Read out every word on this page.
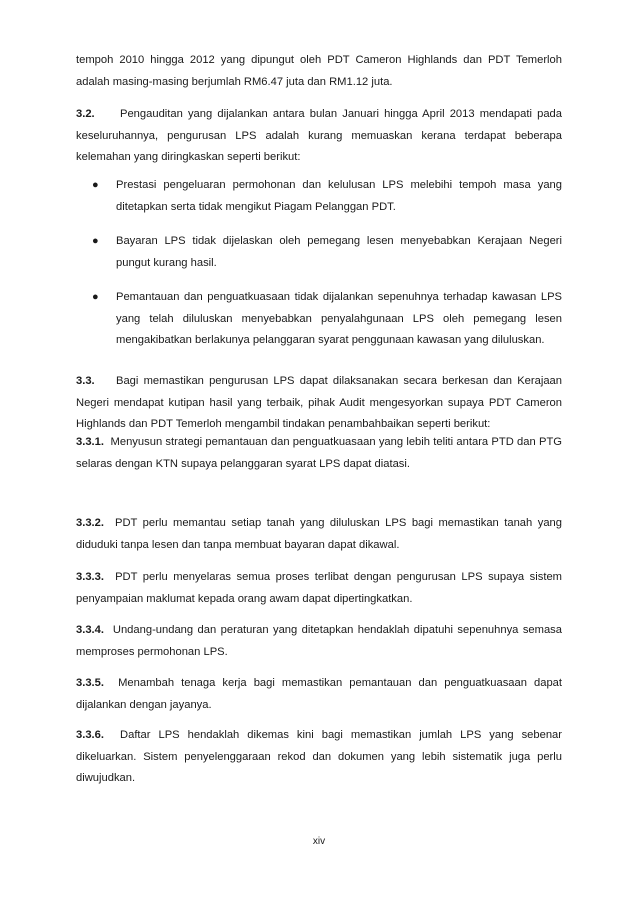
tempoh 2010 hingga 2012 yang dipungut oleh PDT Cameron Highlands dan PDT Temerloh adalah masing-masing berjumlah RM6.47 juta dan RM1.12 juta.

3.2. Pengauditan yang dijalankan antara bulan Januari hingga April 2013 mendapati pada keseluruhannya, pengurusan LPS adalah kurang memuaskan kerana terdapat beberapa kelemahan yang diringkaskan seperti berikut:

● Prestasi pengeluaran permohonan dan kelulusan LPS melebihi tempoh masa yang ditetapkan serta tidak mengikut Piagam Pelanggan PDT.

● Bayaran LPS tidak dijelaskan oleh pemegang lesen menyebabkan Kerajaan Negeri pungut kurang hasil.

● Pemantauan dan penguatkuasaan tidak dijalankan sepenuhnya terhadap kawasan LPS yang telah diluluskan menyebabkan penyalahgunaan LPS oleh pemegang lesen mengakibatkan berlakunya pelanggaran syarat penggunaan kawasan yang diluluskan.

3.3. Bagi memastikan pengurusan LPS dapat dilaksanakan secara berkesan dan Kerajaan Negeri mendapat kutipan hasil yang terbaik, pihak Audit mengesyorkan supaya PDT Cameron Highlands dan PDT Temerloh mengambil tindakan penambahbaikan seperti berikut:

3.3.1. Menyusun strategi pemantauan dan penguatkuasaan yang lebih teliti antara PTD dan PTG selaras dengan KTN supaya pelanggaran syarat LPS dapat diatasi.

3.3.2. PDT perlu memantau setiap tanah yang diluluskan LPS bagi memastikan tanah yang diduduki tanpa lesen dan tanpa membuat bayaran dapat dikawal.

3.3.3. PDT perlu menyelaras semua proses terlibat dengan pengurusan LPS supaya sistem penyampaian maklumat kepada orang awam dapat dipertingkatkan.

3.3.4. Undang-undang dan peraturan yang ditetapkan hendaklah dipatuhi sepenuhnya semasa memproses permohonan LPS.

3.3.5. Menambah tenaga kerja bagi memastikan pemantauan dan penguatkuasaan dapat dijalankan dengan jayanya.

3.3.6. Daftar LPS hendaklah dikemas kini bagi memastikan jumlah LPS yang sebenar dikeluarkan. Sistem penyelenggaraan rekod dan dokumen yang lebih sistematik juga perlu diwujudkan.

xiv
